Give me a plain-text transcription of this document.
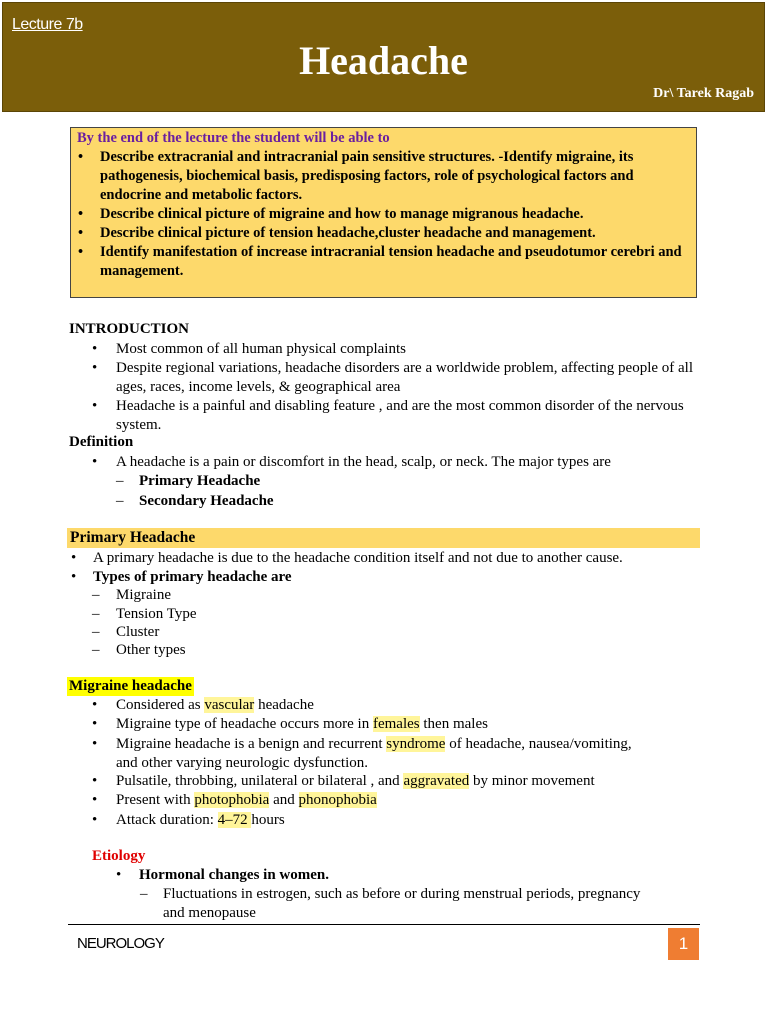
Lecture 7b
Headache
Dr\ Tarek Ragab
By the end of the lecture the student will be able to
• Describe extracranial and intracranial pain sensitive structures. -Identify migraine, its pathogenesis, biochemical basis, predisposing factors, role of psychological factors and endocrine and metabolic factors.
• Describe clinical picture of migraine and how to manage migranous headache.
• Describe clinical picture of tension headache,cluster headache and management.
• Identify manifestation of increase intracranial tension headache and pseudotumor cerebri and management.
INTRODUCTION
• Most common of all human physical complaints
• Despite regional variations, headache disorders are a worldwide problem, affecting people of all ages, races, income levels, & geographical area
• Headache is a painful and disabling feature , and are the most common disorder of the nervous system.
Definition
• A headache is a pain or discomfort in the head, scalp, or neck. The major types are
– Primary Headache
– Secondary Headache
Primary Headache
• A primary headache is due to the headache condition itself and not due to another cause.
• Types of primary headache are
– Migraine
– Tension Type
– Cluster
– Other types
Migraine headache
• Considered as vascular headache
• Migraine type of headache occurs more in females then males
• Migraine headache is a benign and recurrent syndrome of headache, nausea/vomiting,
and other varying neurologic dysfunction.
• Pulsatile, throbbing, unilateral or bilateral , and aggravated by minor movement
• Present with photophobia and phonophobia
• Attack duration: 4–72 hours
Etiology
• Hormonal changes in women.
– Fluctuations in estrogen, such as before or during menstrual periods, pregnancy
and menopause
NEUROLOGY	1
